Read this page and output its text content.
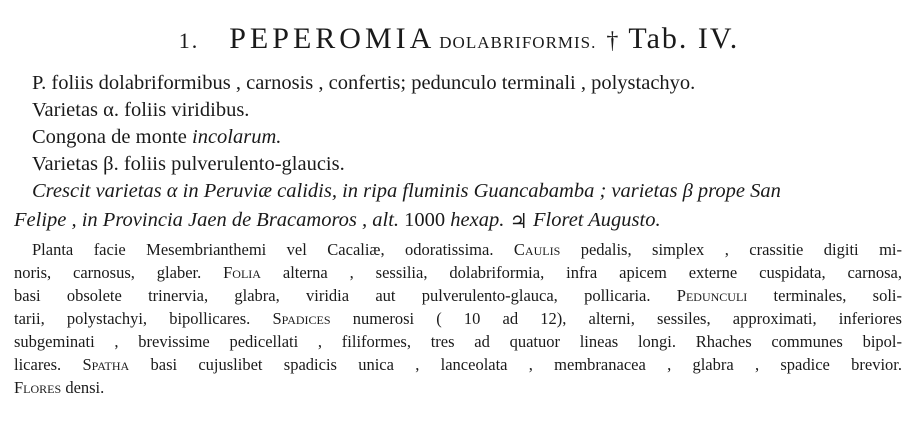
1. PEPEROMIA DOLABRIFORMIS. † Tab. IV.
P. foliis dolabriformibus , carnosis , confertis; pedunculo terminali , polystachyo.
Varietas α. foliis viridibus.
Congona de monte incolarum.
Varietas β. foliis pulverulento-glaucis.
Crescit varietas α in Peruviæ calidis, in ripa fluminis Guancabamba ; varietas β prope San
Felipe , in Provincia Jaen de Bracamoros , alt. 1000 hexap. ♃ Floret Augusto.
Planta facie Mesembrianthemi vel Cacaliæ, odoratissima. Caulis pedalis, simplex , crassitie digiti mi-
noris, carnosus, glaber. Folia alterna , sessilia, dolabriformia, infra apicem externe cuspidata, carnosa,
basi obsolete trinervia, glabra, viridia aut pulverulento-glauca, pollicaria. Pedunculi terminales, soli-
tarii, polystachyi, bipollicares. Spadices numerosi ( 10 ad 12), alterni, sessiles, approximati, inferiores
subgeminati , brevissime pedicellati , filiformes, tres ad quatuor lineas longi. Rhaches communes bipol-
licares. Spatha basi cujuslibet spadicis unica , lanceolata , membranacea , glabra , spadice brevior.
Flores densi.
